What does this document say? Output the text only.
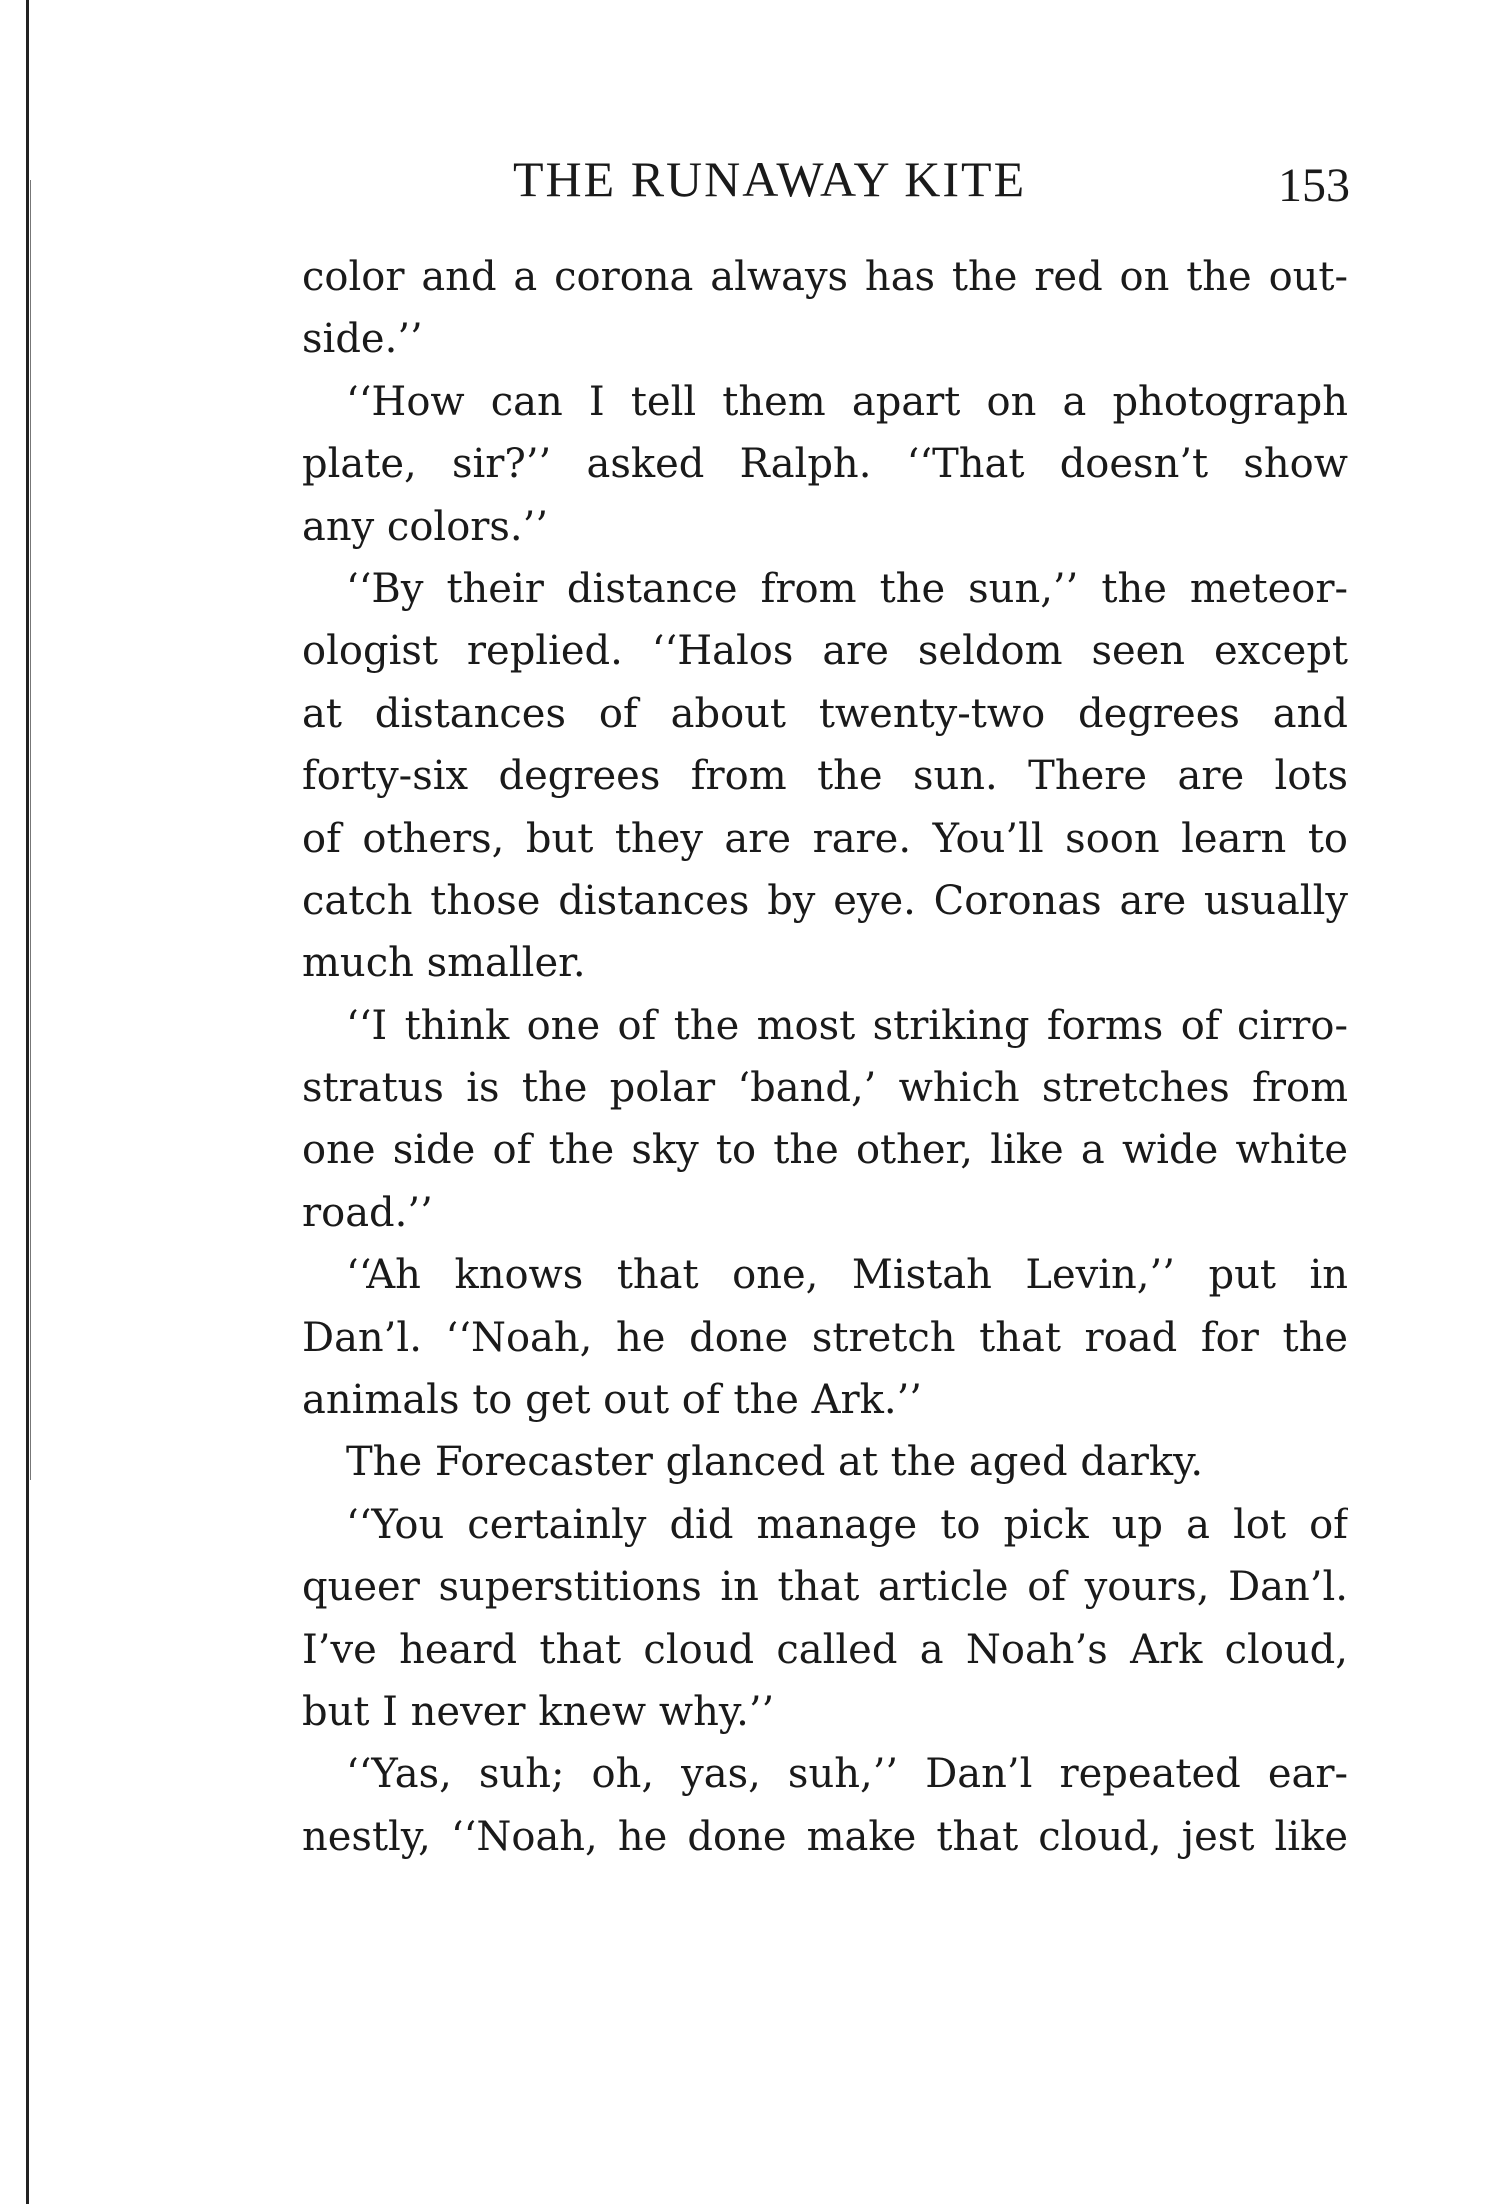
THE RUNAWAY KITE	153
color and a corona always has the red on the out-
side.’’
‘‘How can I tell them apart on a photograph
plate, sir?’’ asked Ralph. ‘‘That doesn’t show
any colors.’’
‘‘By their distance from the sun,’’ the meteor-
ologist replied. ‘‘Halos are seldom seen except
at distances of about twenty-two degrees and
forty-six degrees from the sun. There are lots
of others, but they are rare. You’ll soon learn to
catch those distances by eye. Coronas are usually
much smaller.
‘‘I think one of the most striking forms of cirro-
stratus is the polar ‘band,’ which stretches from
one side of the sky to the other, like a wide white
road.’’
‘‘Ah knows that one, Mistah Levin,’’ put in
Dan’l. ‘‘Noah, he done stretch that road for the
animals to get out of the Ark.’’
The Forecaster glanced at the aged darky.
‘‘You certainly did manage to pick up a lot of
queer superstitions in that article of yours, Dan’l.
I’ve heard that cloud called a Noah’s Ark cloud,
but I never knew why.’’
‘‘Yas, suh; oh, yas, suh,’’ Dan’l repeated ear-
nestly, ‘‘Noah, he done make that cloud, jest like
